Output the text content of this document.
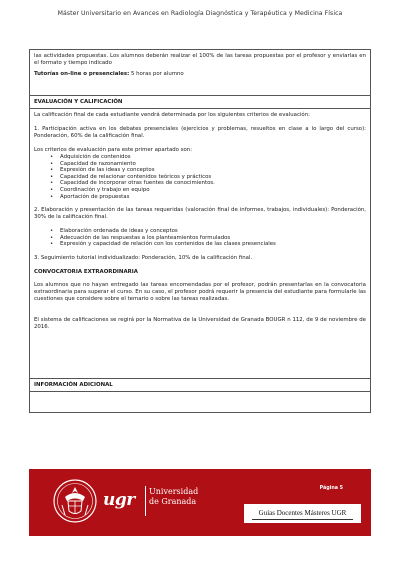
Máster Universitario en Avances en Radiología Diagnóstica y Terapéutica y Medicina Física

las actividades propuestas. Los alumnos deberán realizar el 100% de las tareas propuestas por el profesor y enviarlas en el formato y tiempo indicado

Tutorías on-line o presenciales: 5 horas por alumno

EVALUACIÓN Y CALIFICACIÓN

La calificación final de cada estudiante vendrá determinada por los siguientes criterios de evaluación:

1. Participación activa en los debates presenciales (ejercicios y problemas, resueltos en clase a lo largo del curso): Ponderación, 60% de la calificación final.

Los criterios de evaluación para este primer apartado son:

• Adquisición de contenidos
• Capacidad de razonamiento
• Expresión de las ideas y conceptos
• Capacidad de relacionar contenidos teóricos y prácticos
• Capacidad de incorporar otras fuentes de conocimientos.
• Coordinación y trabajo en equipo
• Aportación de propuestas

2. Elaboración y presentación de las tareas requeridas (valoración final de informes, trabajos, individuales): Ponderación, 30% de la calificación final.

• Elaboración ordenada de ideas y conceptos
• Adecuación de las respuestas a los planteamientos formulados
• Expresión y capacidad de relación con los contenidos de las clases presenciales

3. Seguimiento tutorial individualizado: Ponderación, 10% de la calificación final.

CONVOCATORIA EXTRAORDINARIA

Los alumnos que no hayan entregado las tareas encomendadas por el profesor, podrán presentarlas en la convocatoria extraordinaria para superar el curso. En su caso, el profesor podrá requerir la presencia del estudiante para formularle las cuestiones que considere sobre el temario o sobre las tareas realizadas.

El sistema de calificaciones se regirá por la Normativa de la Universidad de Granada BOUGR n 112, de 9 de noviembre de 2016.

INFORMACIÓN ADICIONAL

ugr Universidad
de Granada
Página 5
Guías Docentes Másteres UGR
